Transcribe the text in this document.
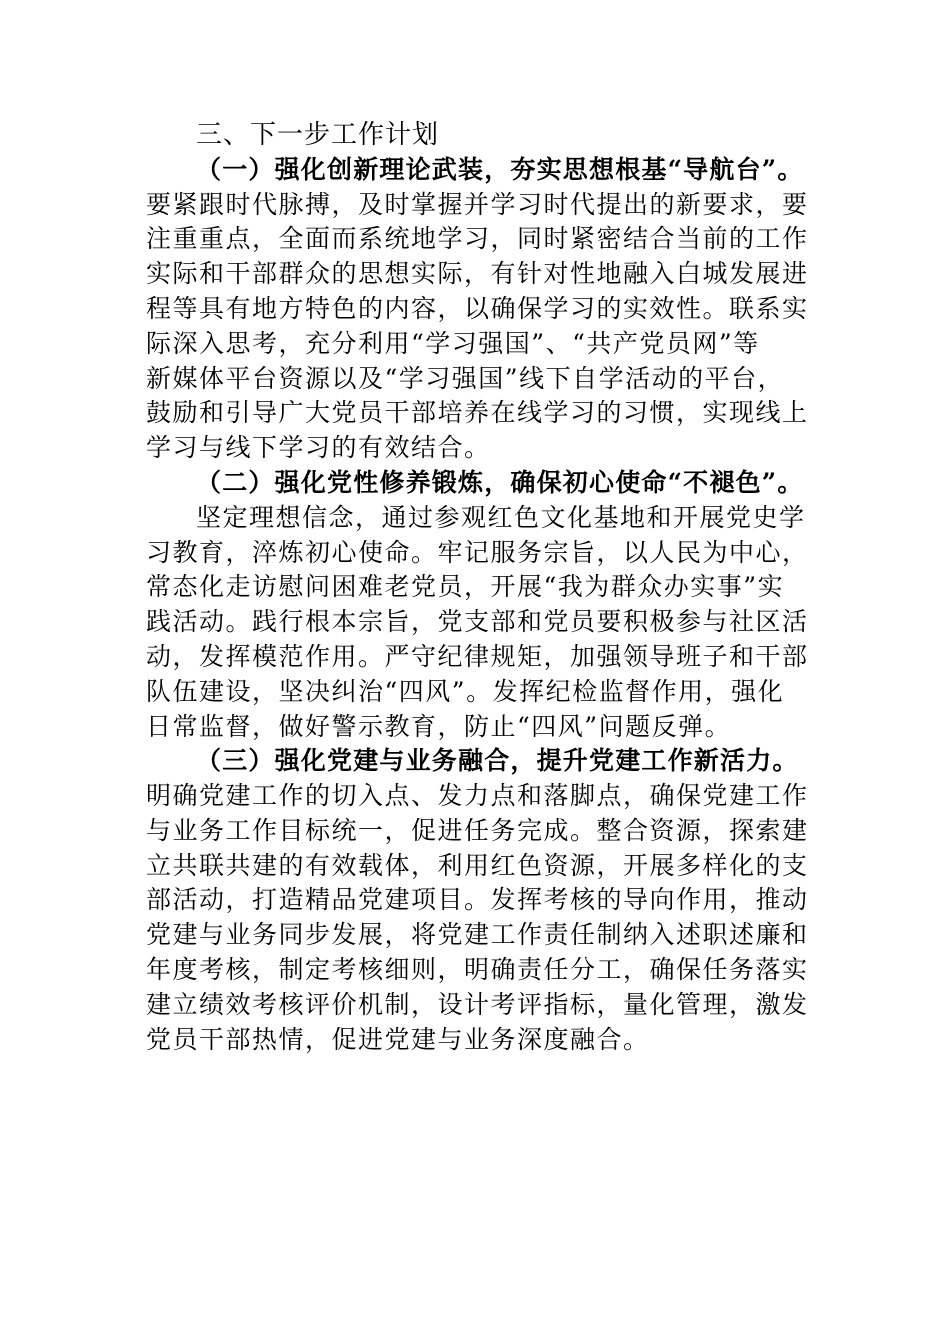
三、下一步工作计划
（一）强化创新理论武装，夯实思想根基“导航台”。
要紧跟时代脉搏，及时掌握并学习时代提出的新要求，要
注重重点，全面而系统地学习，同时紧密结合当前的工作
实际和干部群众的思想实际，有针对性地融入白城发展进
程等具有地方特色的内容，以确保学习的实效性。联系实
际深入思考，充分利用“学习强国”、“共产党员网”等
新媒体平台资源以及“学习强国”线下自学活动的平台，
鼓励和引导广大党员干部培养在线学习的习惯，实现线上
学习与线下学习的有效结合。
（二）强化党性修养锻炼，确保初心使命“不褪色”。
坚定理想信念，通过参观红色文化基地和开展党史学
习教育，淬炼初心使命。牢记服务宗旨，以人民为中心，
常态化走访慰问困难老党员，开展“我为群众办实事”实
践活动。践行根本宗旨，党支部和党员要积极参与社区活
动，发挥模范作用。严守纪律规矩，加强领导班子和干部
队伍建设，坚决纠治“四风”。发挥纪检监督作用，强化
日常监督，做好警示教育，防止“四风”问题反弹。
（三）强化党建与业务融合，提升党建工作新活力。
明确党建工作的切入点、发力点和落脚点，确保党建工作
与业务工作目标统一，促进任务完成。整合资源，探索建
立共联共建的有效载体，利用红色资源，开展多样化的支
部活动，打造精品党建项目。发挥考核的导向作用，推动
党建与业务同步发展，将党建工作责任制纳入述职述廉和
年度考核，制定考核细则，明确责任分工，确保任务落实
建立绩效考核评价机制，设计考评指标，量化管理，激发
党员干部热情，促进党建与业务深度融合。
